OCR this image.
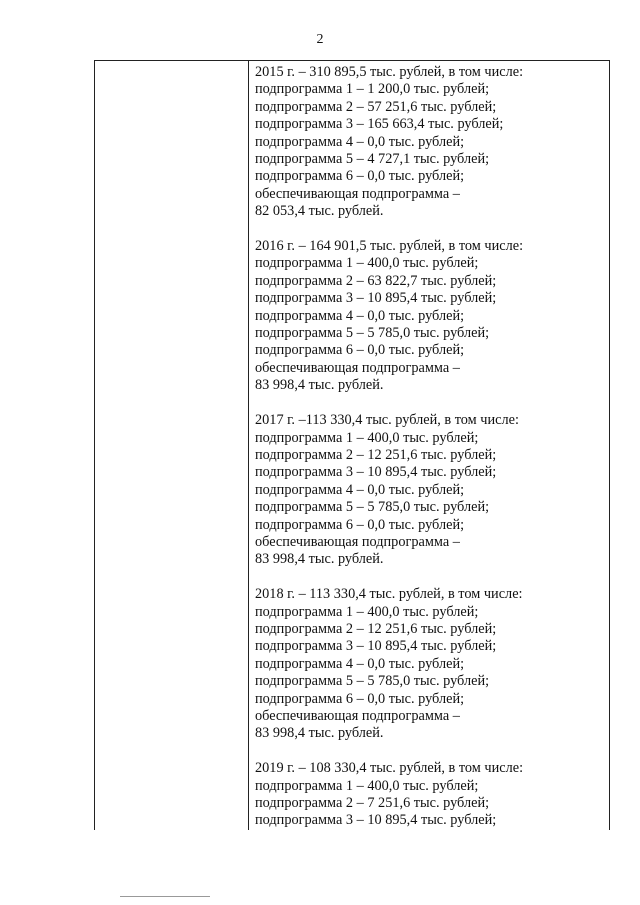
2
2015 г. – 310 895,5 тыс. рублей, в том числе:
подпрограмма 1 – 1 200,0 тыс. рублей;
подпрограмма 2 – 57 251,6 тыс. рублей;
подпрограмма 3 – 165 663,4 тыс. рублей;
подпрограмма 4 – 0,0 тыс. рублей;
подпрограмма 5 – 4 727,1 тыс. рублей;
подпрограмма 6 – 0,0 тыс. рублей;
обеспечивающая подпрограмма –
82 053,4 тыс. рублей.
2016 г. – 164 901,5 тыс. рублей, в том числе:
подпрограмма 1 – 400,0 тыс. рублей;
подпрограмма 2 – 63 822,7 тыс. рублей;
подпрограмма 3 – 10 895,4 тыс. рублей;
подпрограмма 4 – 0,0 тыс. рублей;
подпрограмма 5 – 5 785,0 тыс. рублей;
подпрограмма 6 – 0,0 тыс. рублей;
обеспечивающая подпрограмма –
83 998,4 тыс. рублей.
2017 г. –113 330,4 тыс. рублей, в том числе:
подпрограмма 1 – 400,0 тыс. рублей;
подпрограмма 2 – 12 251,6 тыс. рублей;
подпрограмма 3 – 10 895,4 тыс. рублей;
подпрограмма 4 – 0,0 тыс. рублей;
подпрограмма 5 – 5 785,0 тыс. рублей;
подпрограмма 6 – 0,0 тыс. рублей;
обеспечивающая подпрограмма –
83 998,4 тыс. рублей.
2018 г. – 113 330,4 тыс. рублей, в том числе:
подпрограмма 1 – 400,0 тыс. рублей;
подпрограмма 2 – 12 251,6 тыс. рублей;
подпрограмма 3 – 10 895,4 тыс. рублей;
подпрограмма 4 – 0,0 тыс. рублей;
подпрограмма 5 – 5 785,0 тыс. рублей;
подпрограмма 6 – 0,0 тыс. рублей;
обеспечивающая подпрограмма –
83 998,4 тыс. рублей.
2019 г. – 108 330,4 тыс. рублей, в том числе:
подпрограмма 1 – 400,0 тыс. рублей;
подпрограмма 2 – 7 251,6 тыс. рублей;
подпрограмма 3 – 10 895,4 тыс. рублей;
